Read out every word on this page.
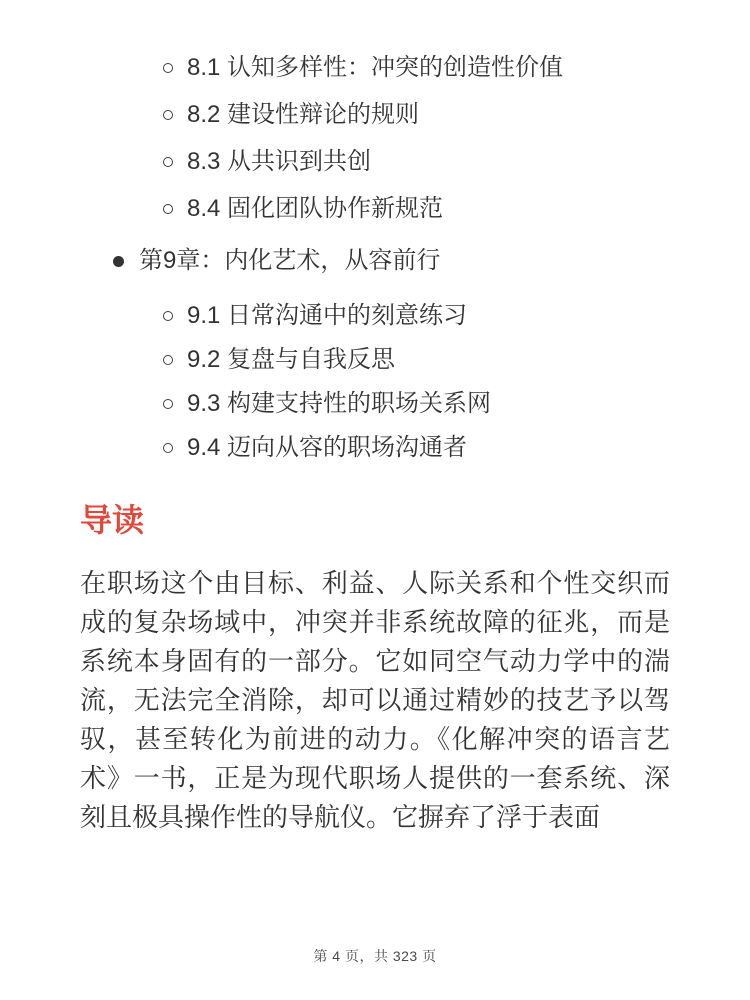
8.1 认知多样性：冲突的创造性价值
8.2 建设性辩论的规则
8.3 从共识到共创
8.4 固化团队协作新规范
第9章：内化艺术，从容前行
9.1 日常沟通中的刻意练习
9.2 复盘与自我反思
9.3 构建支持性的职场关系网
9.4 迈向从容的职场沟通者
导读

在职场这个由目标、利益、人际关系和个性交织而成的复杂场域中，冲突并非系统故障的征兆，而是系统本身固有的一部分。它如同空气动力学中的湍流，无法完全消除，却可以通过精妙的技艺予以驾驭，甚至转化为前进的动力。《化解冲突的语言艺术》一书，正是为现代职场人提供的一套系统、深刻且极具操作性的导航仪。它摒弃了浮于表面

第 4 页，共 323 页
